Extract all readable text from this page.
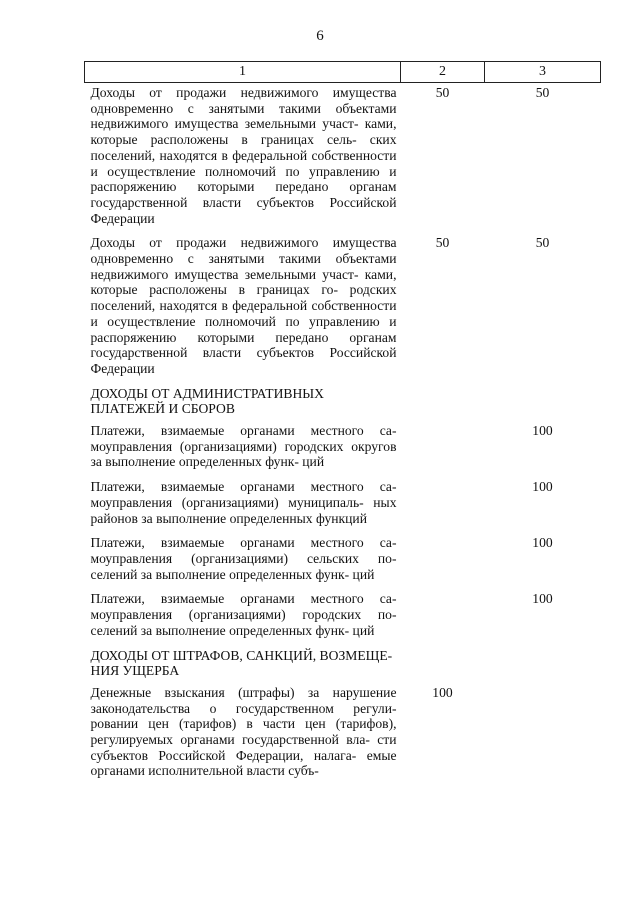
6
1	2	3
Доходы от продажи недвижимого имущества одновременно с занятыми такими объектами недвижимого имущества земельными участ- ками, которые расположены в границах сель- ских поселений, находятся в федеральной собственности и осуществление полномочий по управлению и распоряжению которыми передано органам государственной власти субъектов Российской Федерации	50	50
Доходы от продажи недвижимого имущества одновременно с занятыми такими объектами недвижимого имущества земельными участ- ками, которые расположены в границах го- родских поселений, находятся в федеральной собственности и осуществление полномочий по управлению и распоряжению которыми передано органам государственной власти субъектов Российской Федерации	50	50
ДОХОДЫ ОТ АДМИНИСТРАТИВНЫХ ПЛАТЕЖЕЙ И СБОРОВ		
Платежи, взимаемые органами местного са- моуправления (организациями) городских округов за выполнение определенных функ- ций		100
Платежи, взимаемые органами местного са- моуправления (организациями) муниципаль- ных районов за выполнение определенных функций		100
Платежи, взимаемые органами местного са- моуправления (организациями) сельских по- селений за выполнение определенных функ- ций		100
Платежи, взимаемые органами местного са- моуправления (организациями) городских по- селений за выполнение определенных функ- ций		100
ДОХОДЫ ОТ ШТРАФОВ, САНКЦИЙ, ВОЗМЕЩЕ- НИЯ УЩЕРБА		
Денежные взыскания (штрафы) за нарушение законодательства о государственном регули- ровании цен (тарифов) в части цен (тарифов), регулируемых органами государственной вла- сти субъектов Российской Федерации, налага- емые органами исполнительной власти субъ-	100	
